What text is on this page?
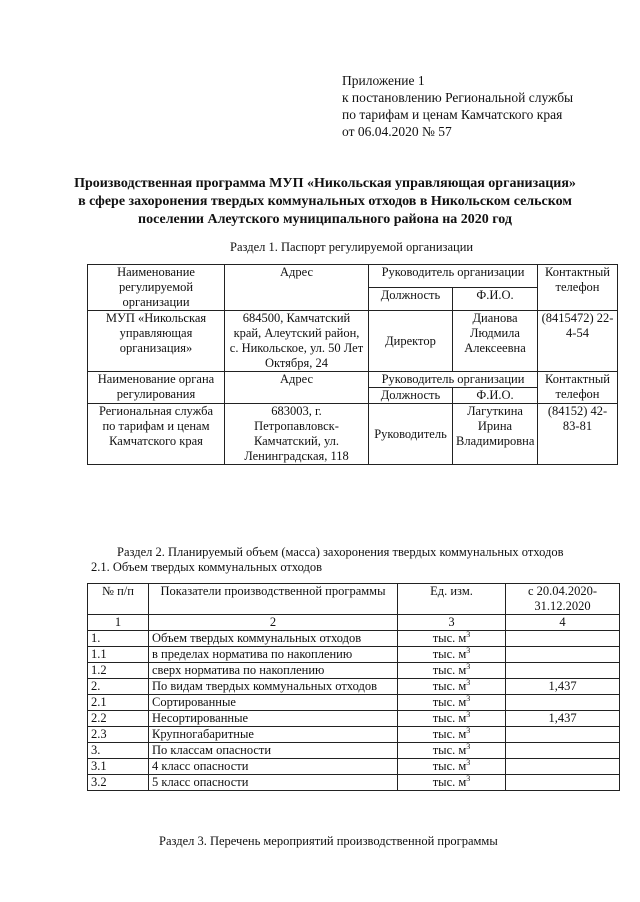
Приложение 1
к постановлению Региональной службы
по тарифам и ценам Камчатского края
от 06.04.2020 № 57
Производственная программа МУП «Никольская управляющая организация»
в сфере захоронения твердых коммунальных отходов в Никольском сельском
поселении Алеутского муниципального района на 2020 год
Раздел 1. Паспорт регулируемой организации
Наименование регулируемой организации	Адрес	Руководитель организации		Контактный телефон
		Должность	Ф.И.О.	
МУП «Никольская управляющая организация»	684500, Камчатский край, Алеутский район, с. Никольское, ул. 50 Лет Октября, 24	Директор	Дианова Людмила Алексеевна	(8415472) 22-4-54
Наименование органа регулирования	Адрес	Руководитель организации		Контактный телефон
		Должность	Ф.И.О.	
Региональная служба по тарифам и ценам Камчатского края	683003, г. Петропавловск-Камчатский, ул. Ленинградская, 118	Руководитель	Лагуткина Ирина Владимировна	(84152) 42-83-81
Раздел 2. Планируемый объем (масса) захоронения твердых коммунальных отходов
2.1. Объем твердых коммунальных отходов
№ п/п	Показатели производственной программы	Ед. изм.	с 20.04.2020-31.12.2020
1	2	3	4
1.	Объем твердых коммунальных отходов	тыс. $м^3$	
1.1	в пределах норматива по накоплению	тыс. $м^3$	
1.2	сверх норматива по накоплению	тыс. $м^3$	
2.	По видам твердых коммунальных отходов	тыс. $м^3$	1,437
2.1	Сортированные	тыс. $м^3$	
2.2	Несортированные	тыс. $м^3$	1,437
2.3	Крупногабаритные	тыс. $м^3$	
3.	По классам опасности	тыс. $м^3$	
3.1	4 класс опасности	тыс. $м^3$	
3.2	5 класс опасности	тыс. $м^3$	
Раздел 3. Перечень мероприятий производственной программы
